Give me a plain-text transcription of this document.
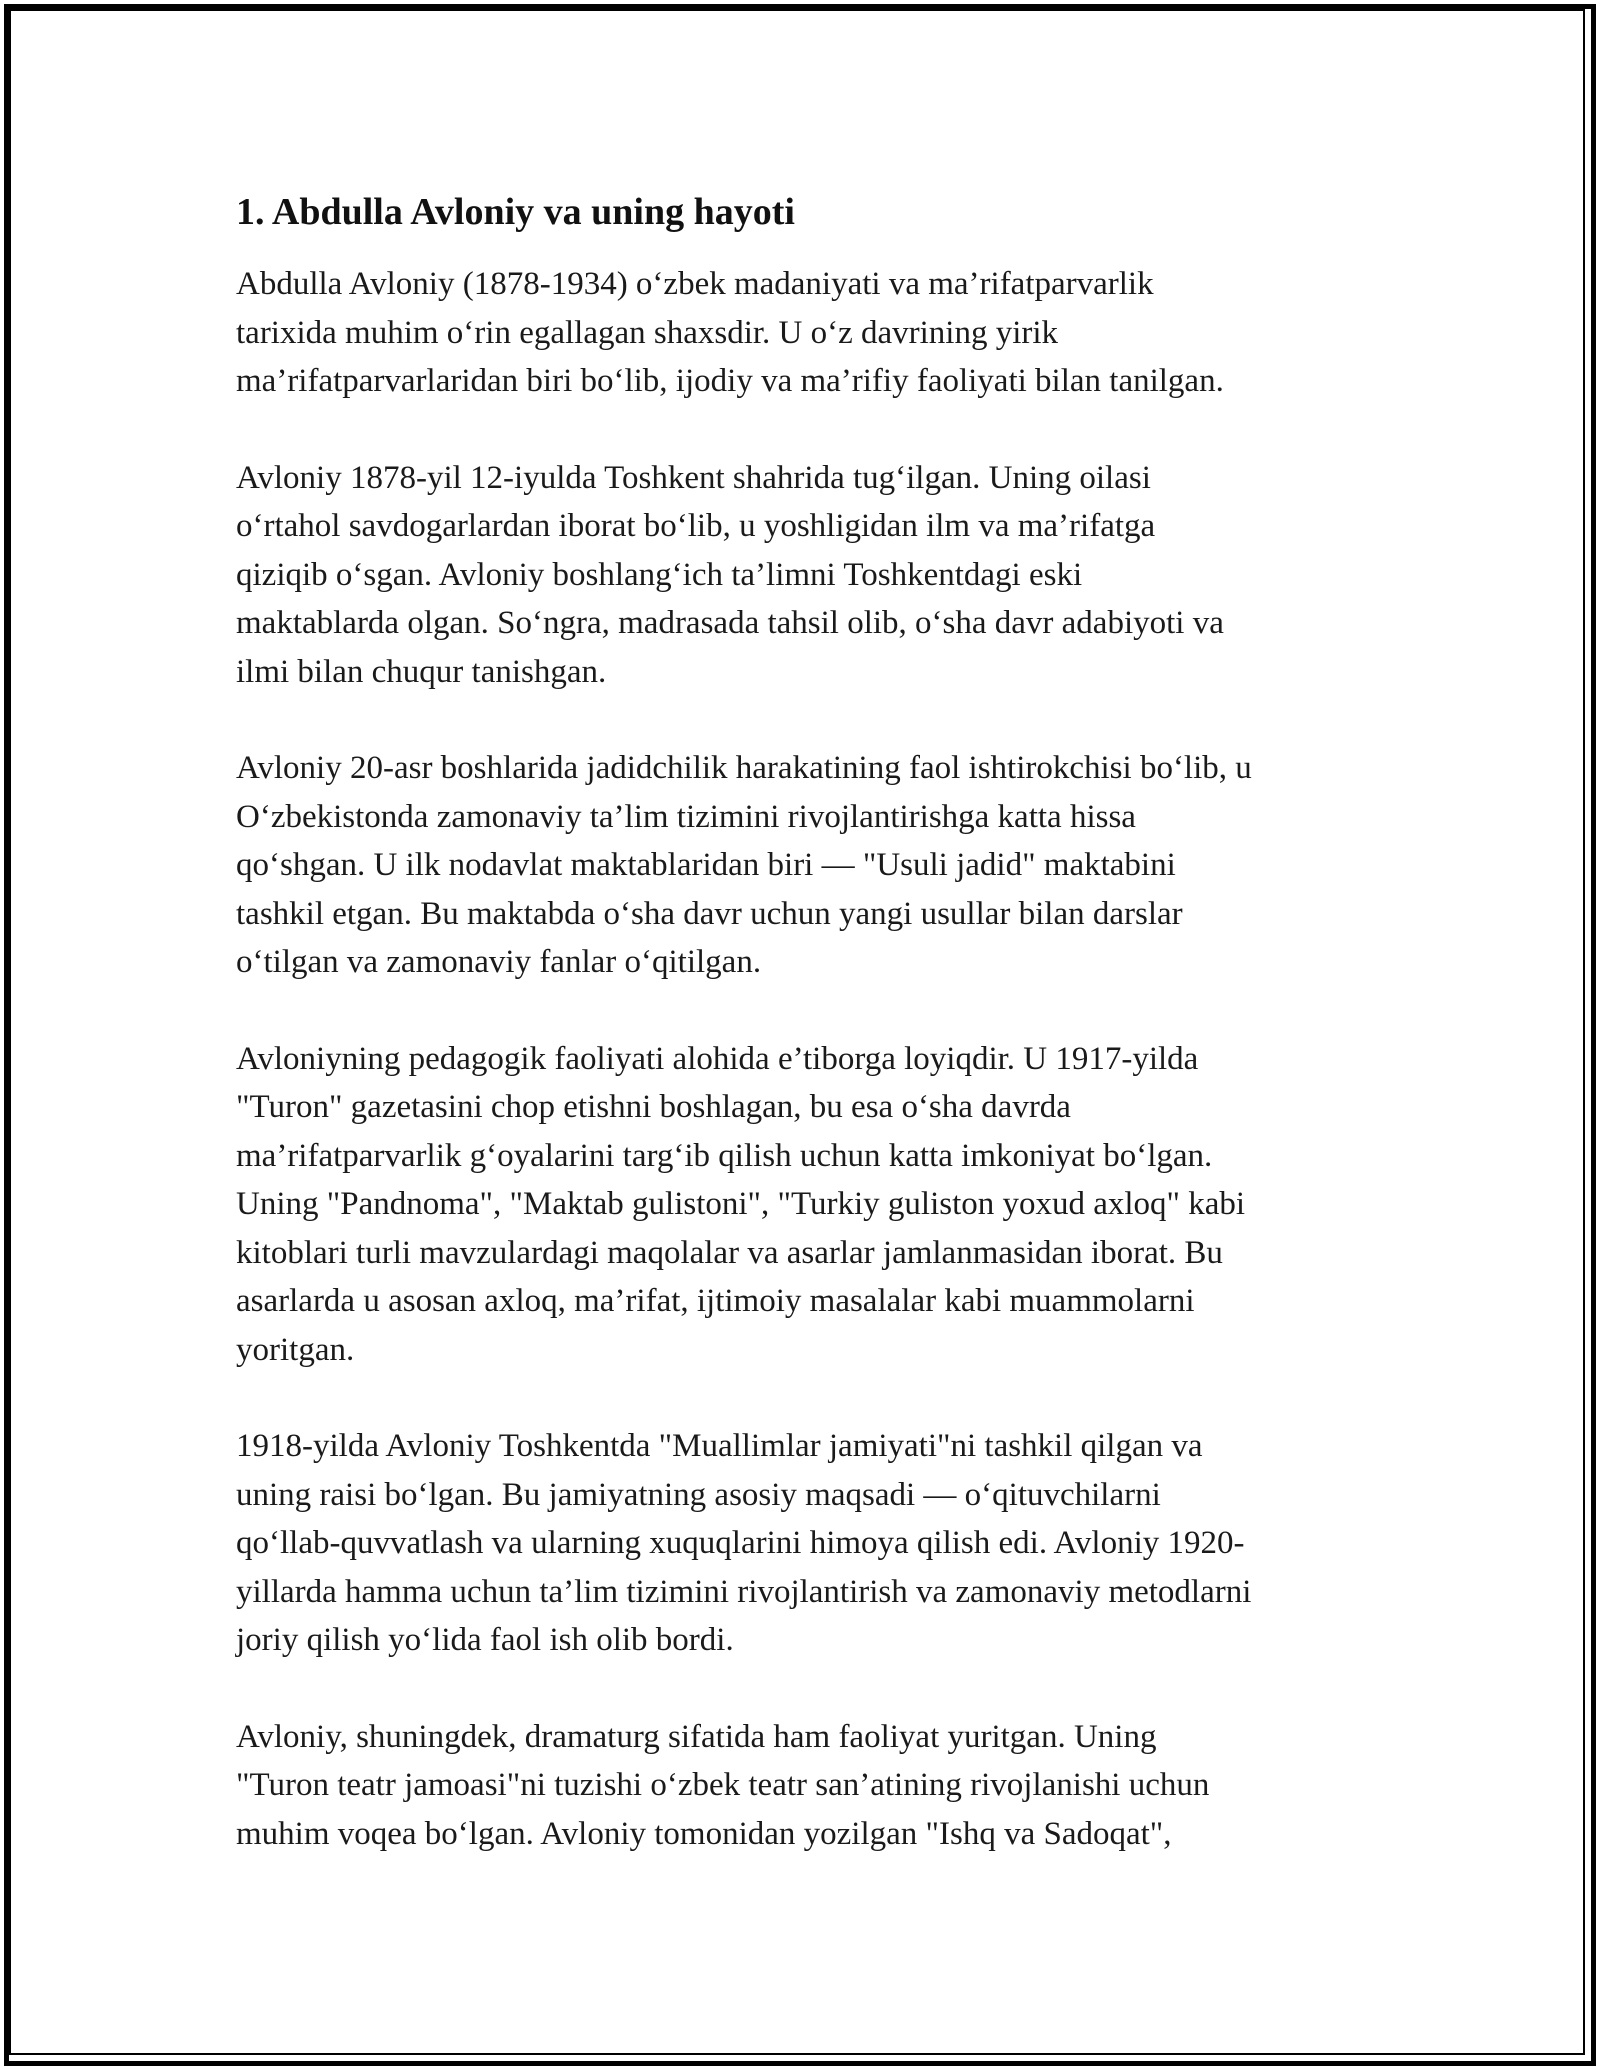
1. Abdulla Avloniy va uning hayoti

Abdulla Avloniy (1878-1934) o‘zbek madaniyati va ma’rifatparvarlik
tarixida muhim o‘rin egallagan shaxsdir. U o‘z davrining yirik
ma’rifatparvarlaridan biri bo‘lib, ijodiy va ma’rifiy faoliyati bilan tanilgan.

Avloniy 1878-yil 12-iyulda Toshkent shahrida tug‘ilgan. Uning oilasi
o‘rtahol savdogarlardan iborat bo‘lib, u yoshligidan ilm va ma’rifatga
qiziqib o‘sgan. Avloniy boshlang‘ich ta’limni Toshkentdagi eski
maktablarda olgan. So‘ngra, madrasada tahsil olib, o‘sha davr adabiyoti va
ilmi bilan chuqur tanishgan.

Avloniy 20-asr boshlarida jadidchilik harakatining faol ishtirokchisi bo‘lib, u
O‘zbekistonda zamonaviy ta’lim tizimini rivojlantirishga katta hissa
qo‘shgan. U ilk nodavlat maktablaridan biri — "Usuli jadid" maktabini
tashkil etgan. Bu maktabda o‘sha davr uchun yangi usullar bilan darslar
o‘tilgan va zamonaviy fanlar o‘qitilgan.

Avloniyning pedagogik faoliyati alohida e’tiborga loyiqdir. U 1917-yilda
"Turon" gazetasini chop etishni boshlagan, bu esa o‘sha davrda
ma’rifatparvarlik g‘oyalarini targ‘ib qilish uchun katta imkoniyat bo‘lgan.
Uning "Pandnoma", "Maktab gulistoni", "Turkiy guliston yoxud axloq" kabi
kitoblari turli mavzulardagi maqolalar va asarlar jamlanmasidan iborat. Bu
asarlarda u asosan axloq, ma’rifat, ijtimoiy masalalar kabi muammolarni
yoritgan.

1918-yilda Avloniy Toshkentda "Muallimlar jamiyati"ni tashkil qilgan va
uning raisi bo‘lgan. Bu jamiyatning asosiy maqsadi — o‘qituvchilarni
qo‘llab-quvvatlash va ularning xuquqlarini himoya qilish edi. Avloniy 1920-
yillarda hamma uchun ta’lim tizimini rivojlantirish va zamonaviy metodlarni
joriy qilish yo‘lida faol ish olib bordi.

Avloniy, shuningdek, dramaturg sifatida ham faoliyat yuritgan. Uning
"Turon teatr jamoasi"ni tuzishi o‘zbek teatr san’atining rivojlanishi uchun
muhim voqea bo‘lgan. Avloniy tomonidan yozilgan "Ishq va Sadoqat",
